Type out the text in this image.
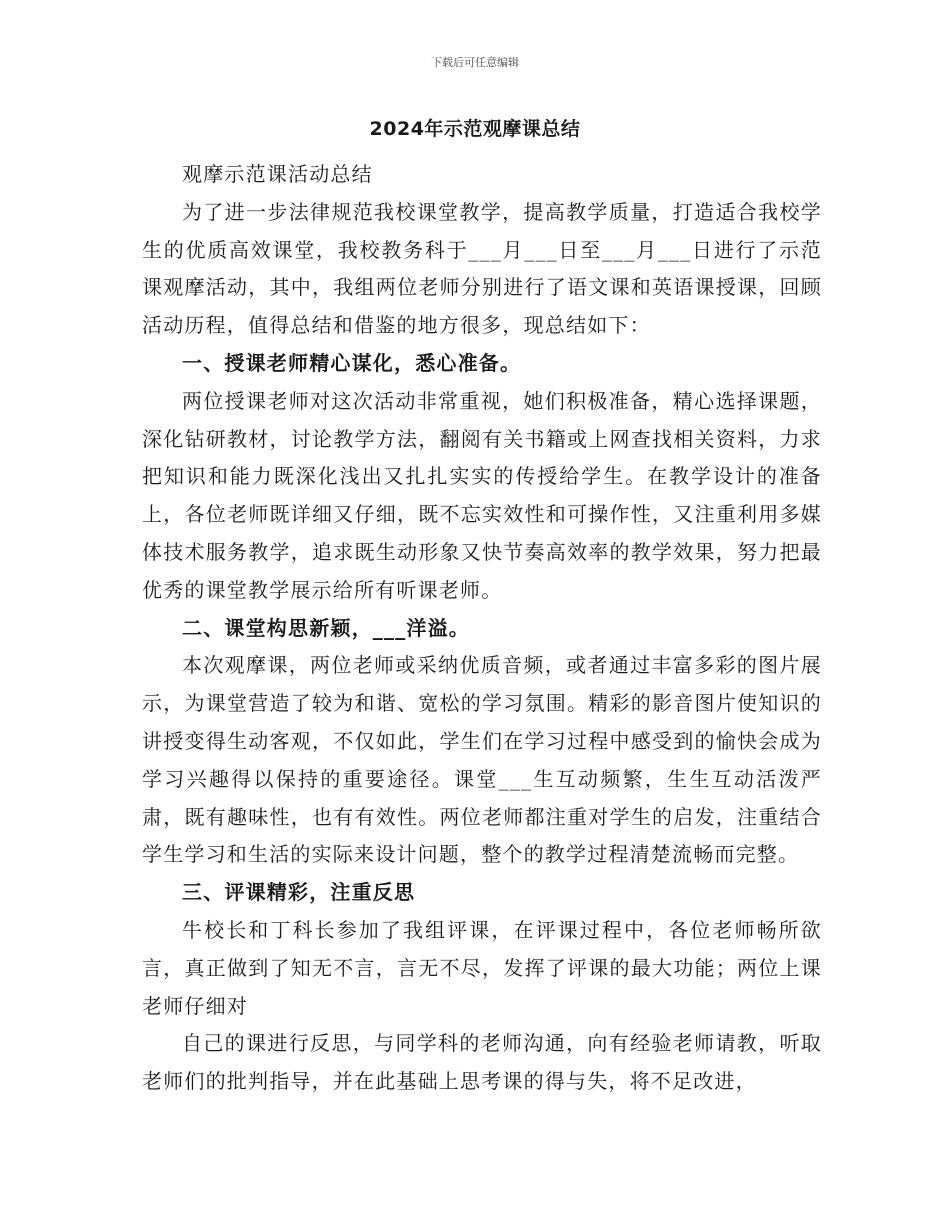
下载后可任意编辑
2024年示范观摩课总结

观摩示范课活动总结

为了进一步法律规范我校课堂教学，提高教学质量，打造适合我校学生的优质高效课堂，我校教务科于___月___日至___月___日进行了示范课观摩活动，其中，我组两位老师分别进行了语文课和英语课授课，回顾活动历程，值得总结和借鉴的地方很多，现总结如下：

一、授课老师精心谋化，悉心准备。

两位授课老师对这次活动非常重视，她们积极准备，精心选择课题，深化钻研教材，讨论教学方法，翻阅有关书籍或上网查找相关资料，力求把知识和能力既深化浅出又扎扎实实的传授给学生。在教学设计的准备上，各位老师既详细又仔细，既不忘实效性和可操作性，又注重利用多媒体技术服务教学，追求既生动形象又快节奏高效率的教学效果，努力把最优秀的课堂教学展示给所有听课老师。

二、课堂构思新颖，___洋溢。

本次观摩课，两位老师或采纳优质音频，或者通过丰富多彩的图片展示，为课堂营造了较为和谐、宽松的学习氛围。精彩的影音图片使知识的讲授变得生动客观，不仅如此，学生们在学习过程中感受到的愉快会成为学习兴趣得以保持的重要途径。课堂___生互动频繁，生生互动活泼严肃，既有趣味性，也有有效性。两位老师都注重对学生的启发，注重结合学生学习和生活的实际来设计问题，整个的教学过程清楚流畅而完整。

三、评课精彩，注重反思

牛校长和丁科长参加了我组评课，在评课过程中，各位老师畅所欲言，真正做到了知无不言，言无不尽，发挥了评课的最大功能；两位上课老师仔细对

自己的课进行反思，与同学科的老师沟通，向有经验老师请教，听取老师们的批判指导，并在此基础上思考课的得与失，将不足改进，
